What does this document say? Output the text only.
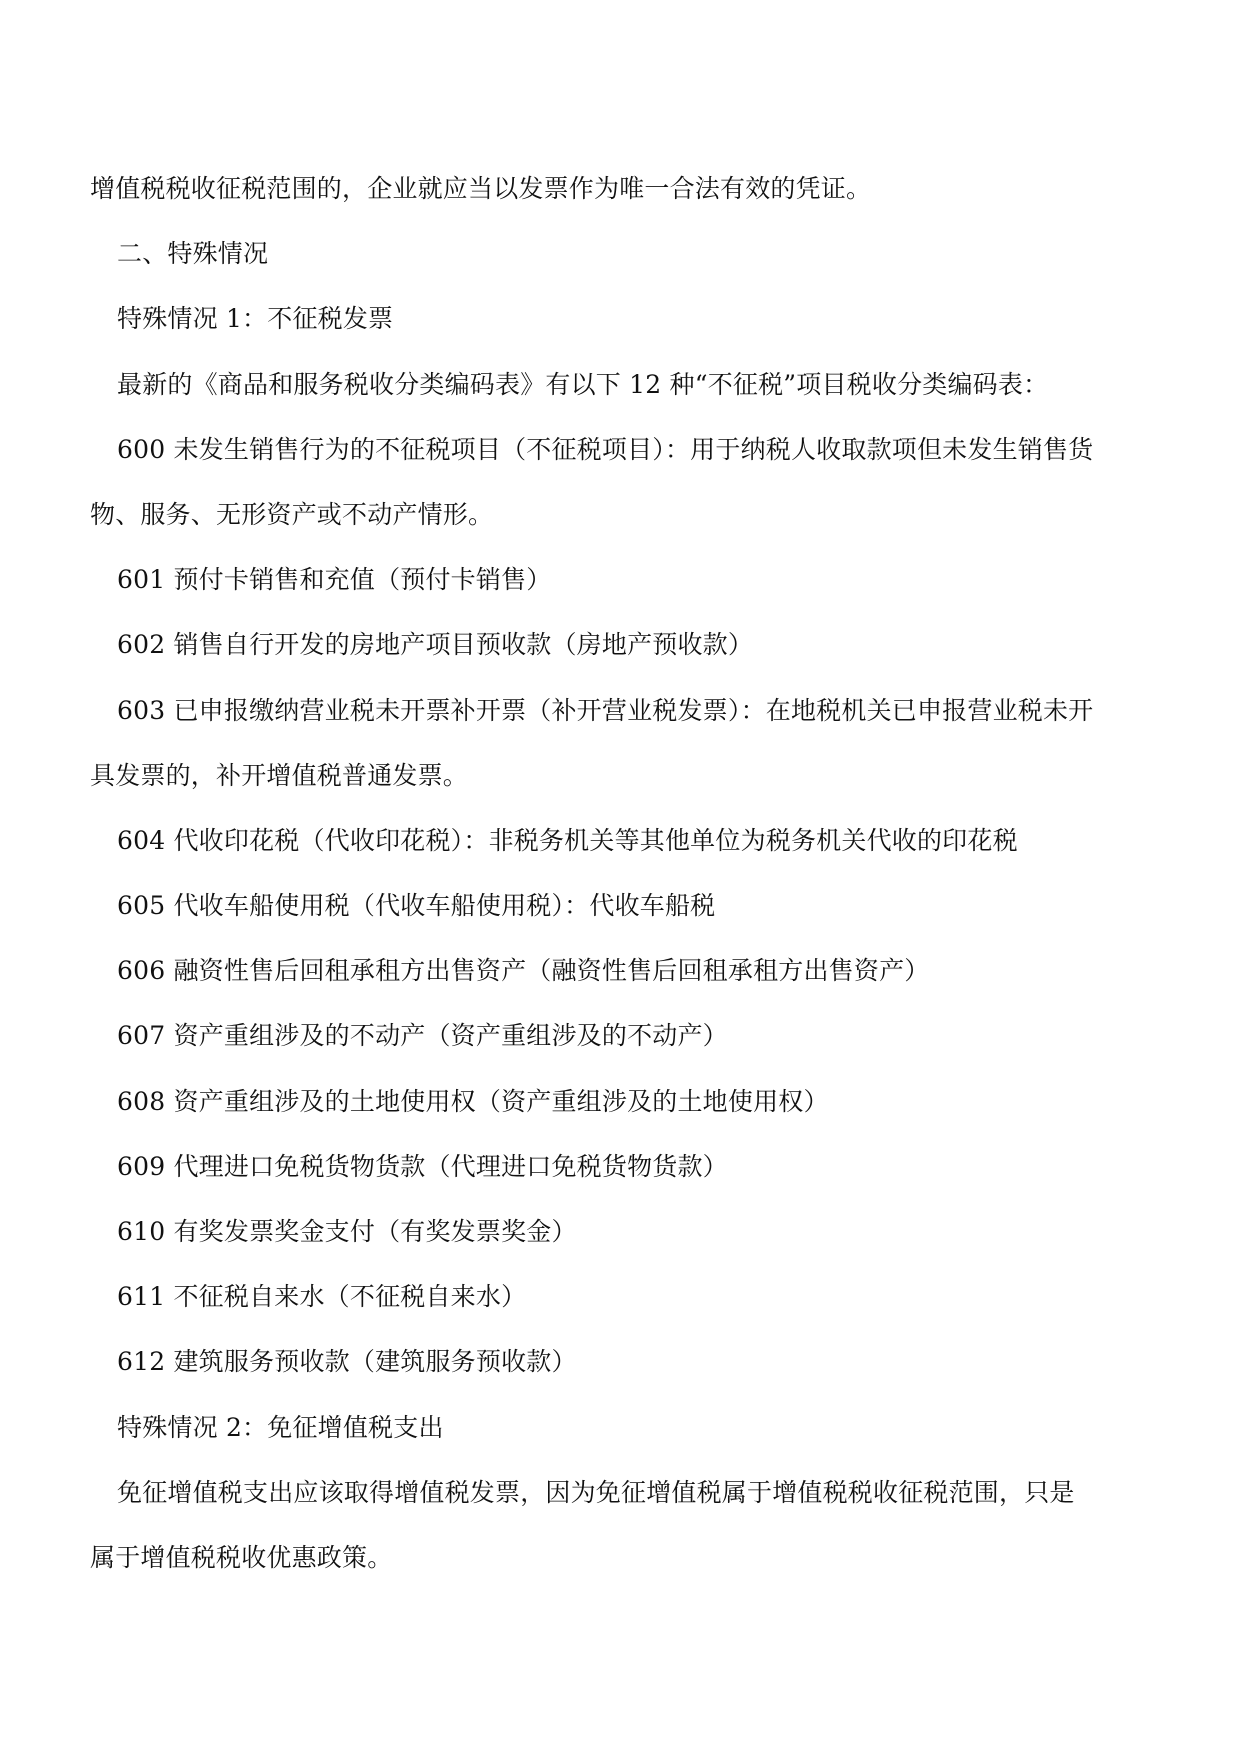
增值税税收征税范围的，企业就应当以发票作为唯一合法有效的凭证。
二、特殊情况
特殊情况 1：不征税发票
最新的《商品和服务税收分类编码表》有以下 12 种“不征税”项目税收分类编码表：
600 未发生销售行为的不征税项目（不征税项目）：用于纳税人收取款项但未发生销售货
物、服务、无形资产或不动产情形。
601 预付卡销售和充值（预付卡销售）
602 销售自行开发的房地产项目预收款（房地产预收款）
603 已申报缴纳营业税未开票补开票（补开营业税发票）：在地税机关已申报营业税未开
具发票的，补开增值税普通发票。
604 代收印花税（代收印花税）：非税务机关等其他单位为税务机关代收的印花税
605 代收车船使用税（代收车船使用税）：代收车船税
606 融资性售后回租承租方出售资产（融资性售后回租承租方出售资产）
607 资产重组涉及的不动产（资产重组涉及的不动产）
608 资产重组涉及的土地使用权（资产重组涉及的土地使用权）
609 代理进口免税货物货款（代理进口免税货物货款）
610 有奖发票奖金支付（有奖发票奖金）
611 不征税自来水（不征税自来水）
612 建筑服务预收款（建筑服务预收款）
特殊情况 2：免征增值税支出
免征增值税支出应该取得增值税发票，因为免征增值税属于增值税税收征税范围，只是
属于增值税税收优惠政策。
